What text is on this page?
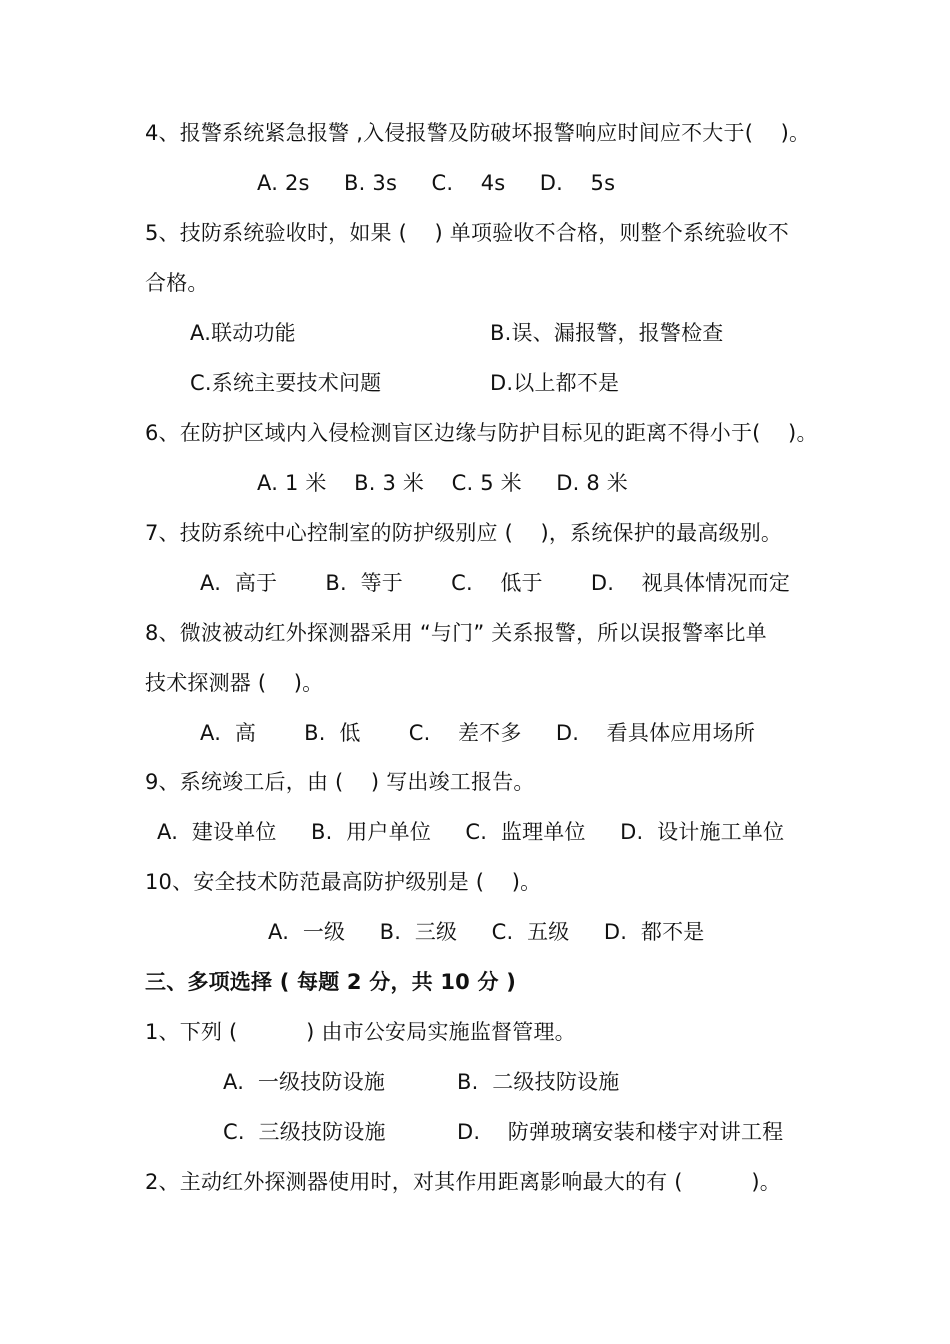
4、报警系统紧急报警 ,入侵报警及防破坏报警响应时间应不大于(    )。
A. 2s     B. 3s     C.    4s     D.    5s
5、技防系统验收时，如果 (    ) 单项验收不合格，则整个系统验收不
合格。
A.联动功能	B.误、漏报警，报警检查
C.系统主要技术问题	D.以上都不是
6、在防护区域内入侵检测盲区边缘与防护目标见的距离不得小于(    )。
A. 1 米    B. 3 米    C. 5 米     D. 8 米
7、技防系统中心控制室的防护级别应 (    )，系统保护的最高级别。
A.  高于       B.  等于       C.    低于       D.    视具体情况而定
8、微波被动红外探测器采用 “与门” 关系报警，所以误报警率比单
技术探测器 (    )。
A.  高       B.  低       C.    差不多     D.    看具体应用场所
9、系统竣工后，由 (    ) 写出竣工报告。
A.  建设单位     B.  用户单位     C.  监理单位     D.  设计施工单位
10、安全技术防范最高防护级别是 (    )。
A.  一级     B.  三级     C.  五级     D.  都不是
三、多项选择 ( 每题 2 分，共 10 分 )
1、下列 (          ) 由市公安局实施监督管理。
A.  一级技防设施	B.  二级技防设施
C.  三级技防设施	D.    防弹玻璃安装和楼宇对讲工程
2、主动红外探测器使用时，对其作用距离影响最大的有 (          )。
